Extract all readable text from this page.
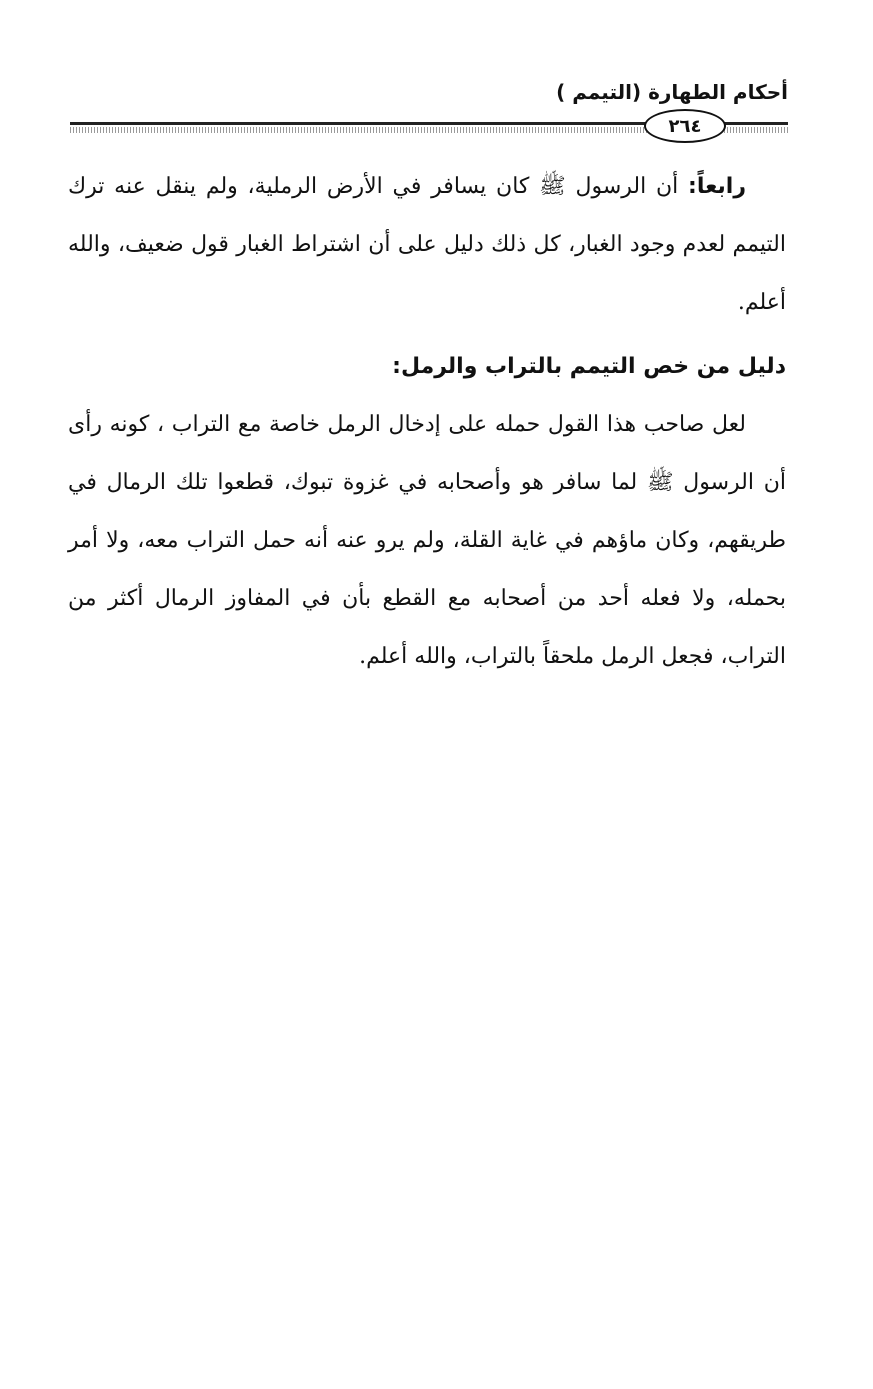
أحكام الطهارة (التيمم )
٢٦٤

رابعاً: أن الرسول ﷺ كان يسافر في الأرض الرملية، ولم ينقل عنه ترك التيمم لعدم وجود الغبار، كل ذلك دليل على أن اشتراط الغبار قول ضعيف، والله أعلم.

دليل من خص التيمم بالتراب والرمل:

لعل صاحب هذا القول حمله على إدخال الرمل خاصة مع التراب ، كونه رأى أن الرسول ﷺ لما سافر هو وأصحابه في غزوة تبوك، قطعوا تلك الرمال في طريقهم، وكان ماؤهم في غاية القلة، ولم يرو عنه أنه حمل التراب معه، ولا أمر بحمله، ولا فعله أحد من أصحابه مع القطع بأن في المفاوز الرمال أكثر من التراب، فجعل الرمل ملحقاً بالتراب، والله أعلم.
